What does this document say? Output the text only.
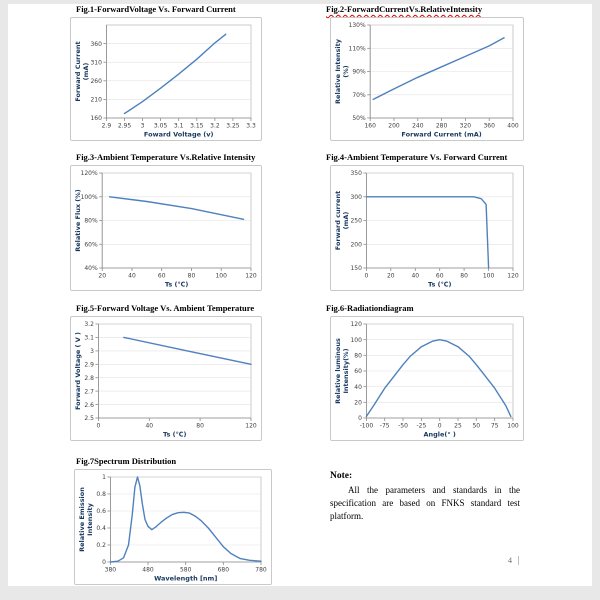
Fig.1-ForwardVoltage Vs. Forward Current
160
210
260
310
360
2.9 2.95 3 3.05 3.1 3.15 3.2 3.25 3.3
Foward Voltage (v)
Forward Current (mA)
Fig.2-ForwardCurrentVs.RelativeIntensity
50%
70%
90%
110%
130%
160 200 240 280 320 360 400
Forward Current (mA)
Relative Intensity (%)
Fig.3-Ambient Temperature Vs.Relative Intensity
40%
60%
80%
100%
120%
20	40	60	80	100	120
Ts (℃)
Relative Flux (%)
Fig.4-Ambient Temperature Vs. Forward Current
150
200
250
300
350
0	20	40	60	80 100 120
Ts (℃)
Forward current (mA)
Fig.5-Forward Voltage Vs. Ambient Temperature
2.5
2.6
2.7
2.8
2.9
3
3.1
3.2
0	40	80	120
Ts (℃)
Forward Voltage ( V )
Fig.6-Radiationdiagram
0
20
40
60
80
100
120
-100 -75 -50 -25 0 25 50 75 100
Angle(° )
Relative luminous Intensity(%)
Fig.7Spectrum Distribution
0
0.2
0.4
0.6
0.8
1
380	480	580	680	780
Wavelength [nm]
Relative Emission Intensity
Note:
All the parameters and standards in the specification are based on FNKS standard test platform.
4
